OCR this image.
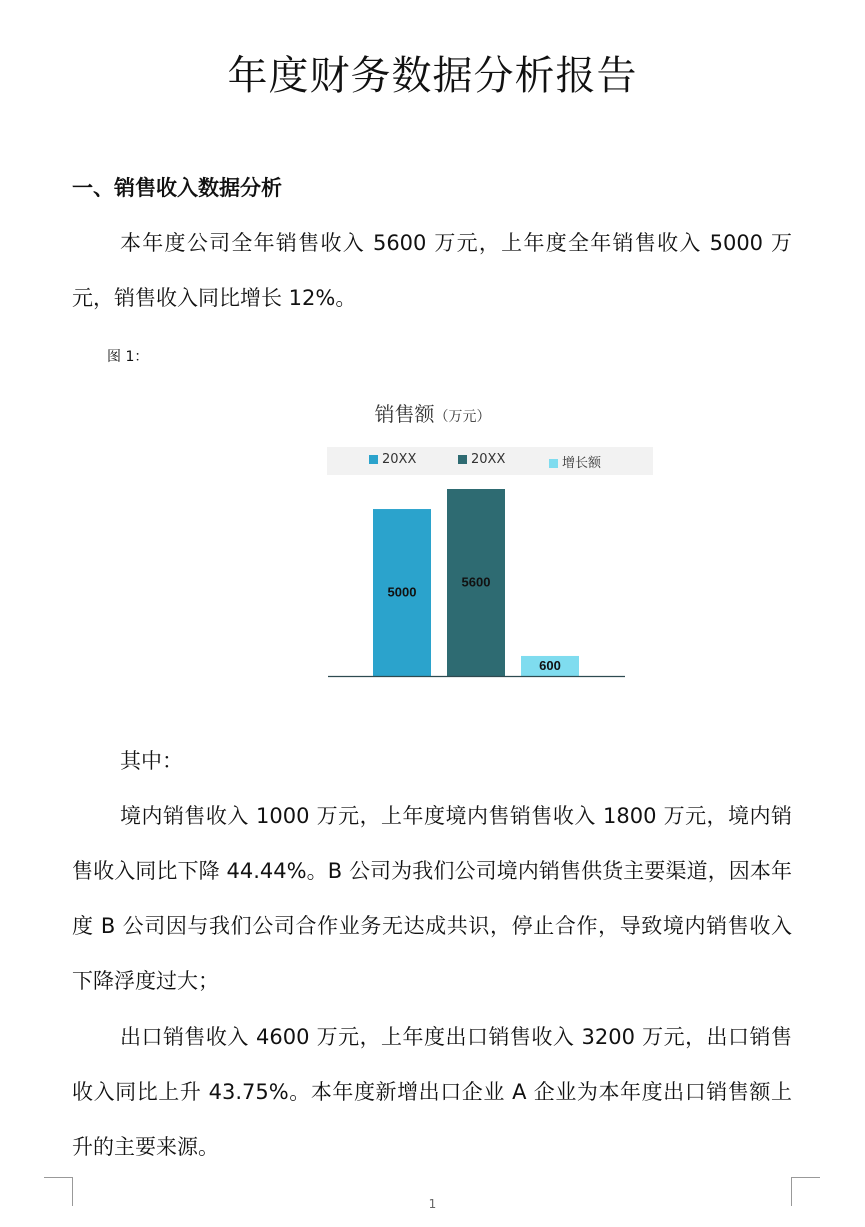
年度财务数据分析报告
一、销售收入数据分析
本年度公司全年销售收入 5600 万元，上年度全年销售收入 5000 万元，销售收入同比增长 12%。
图 1：
销售额（万元）
20XX	20XX	增长额
5000
5600
600
其中：
境内销售收入 1000 万元，上年度境内售销售收入 1800 万元，境内销售收入同比下降 44.44%。B 公司为我们公司境内销售供货主要渠道，因本年度 B 公司因与我们公司合作业务无达成共识，停止合作，导致境内销售收入下降浮度过大；
出口销售收入 4600 万元，上年度出口销售收入 3200 万元，出口销售收入同比上升 43.75%。本年度新增出口企业 A 企业为本年度出口销售额上升的主要来源。
1
